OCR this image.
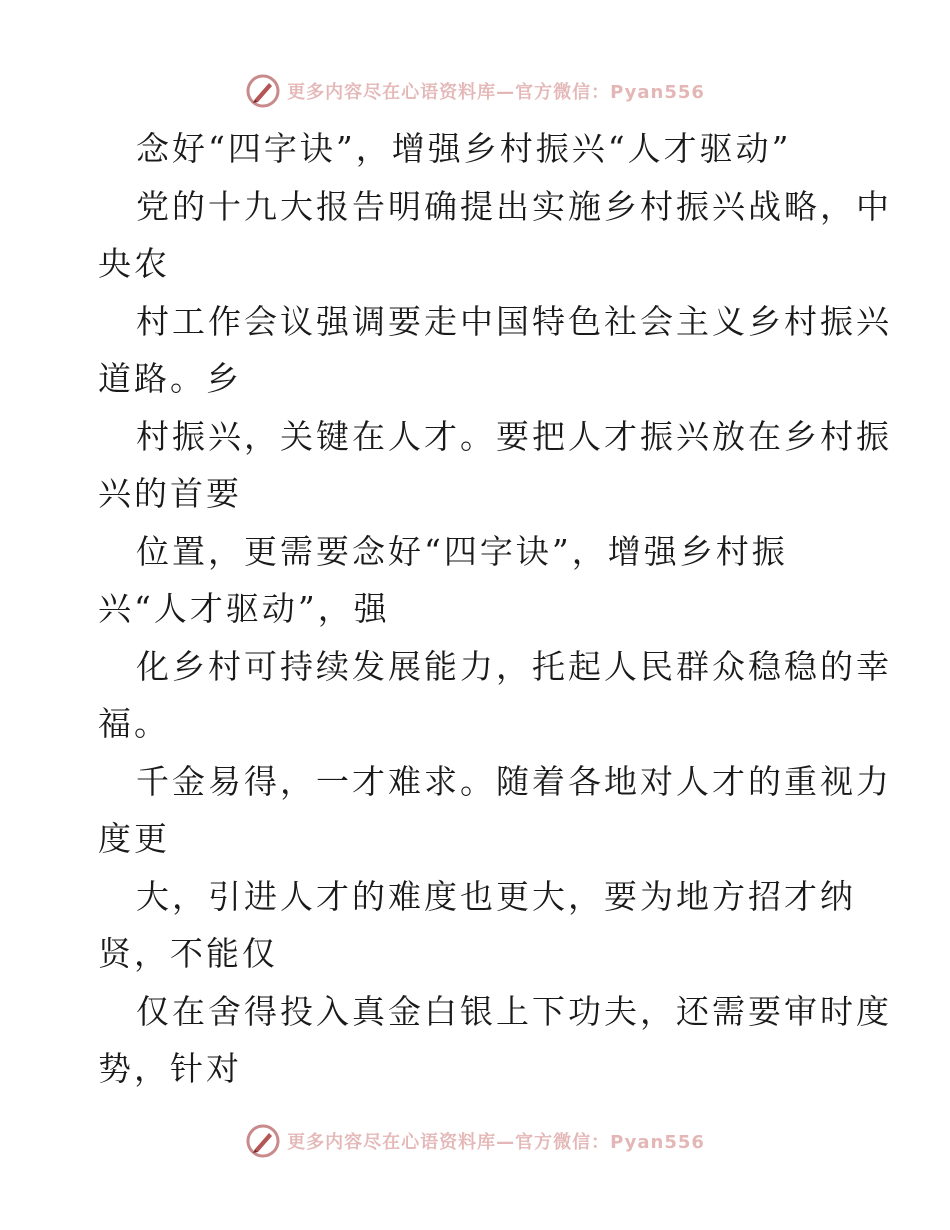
更多内容尽在心语资料库—官方微信：Pyan556
念好“四字诀”，增强乡村振兴“人才驱动”
党的十九大报告明确提出实施乡村振兴战略，中
央农
村工作会议强调要走中国特色社会主义乡村振兴
道路。乡
村振兴，关键在人才。要把人才振兴放在乡村振
兴的首要
位置，更需要念好“四字诀”，增强乡村振
兴“人才驱动”，强
化乡村可持续发展能力，托起人民群众稳稳的幸
福。
千金易得，一才难求。随着各地对人才的重视力
度更
大，引进人才的难度也更大，要为地方招才纳
贤，不能仅
仅在舍得投入真金白银上下功夫，还需要审时度
势，针对
更多内容尽在心语资料库—官方微信：Pyan556
